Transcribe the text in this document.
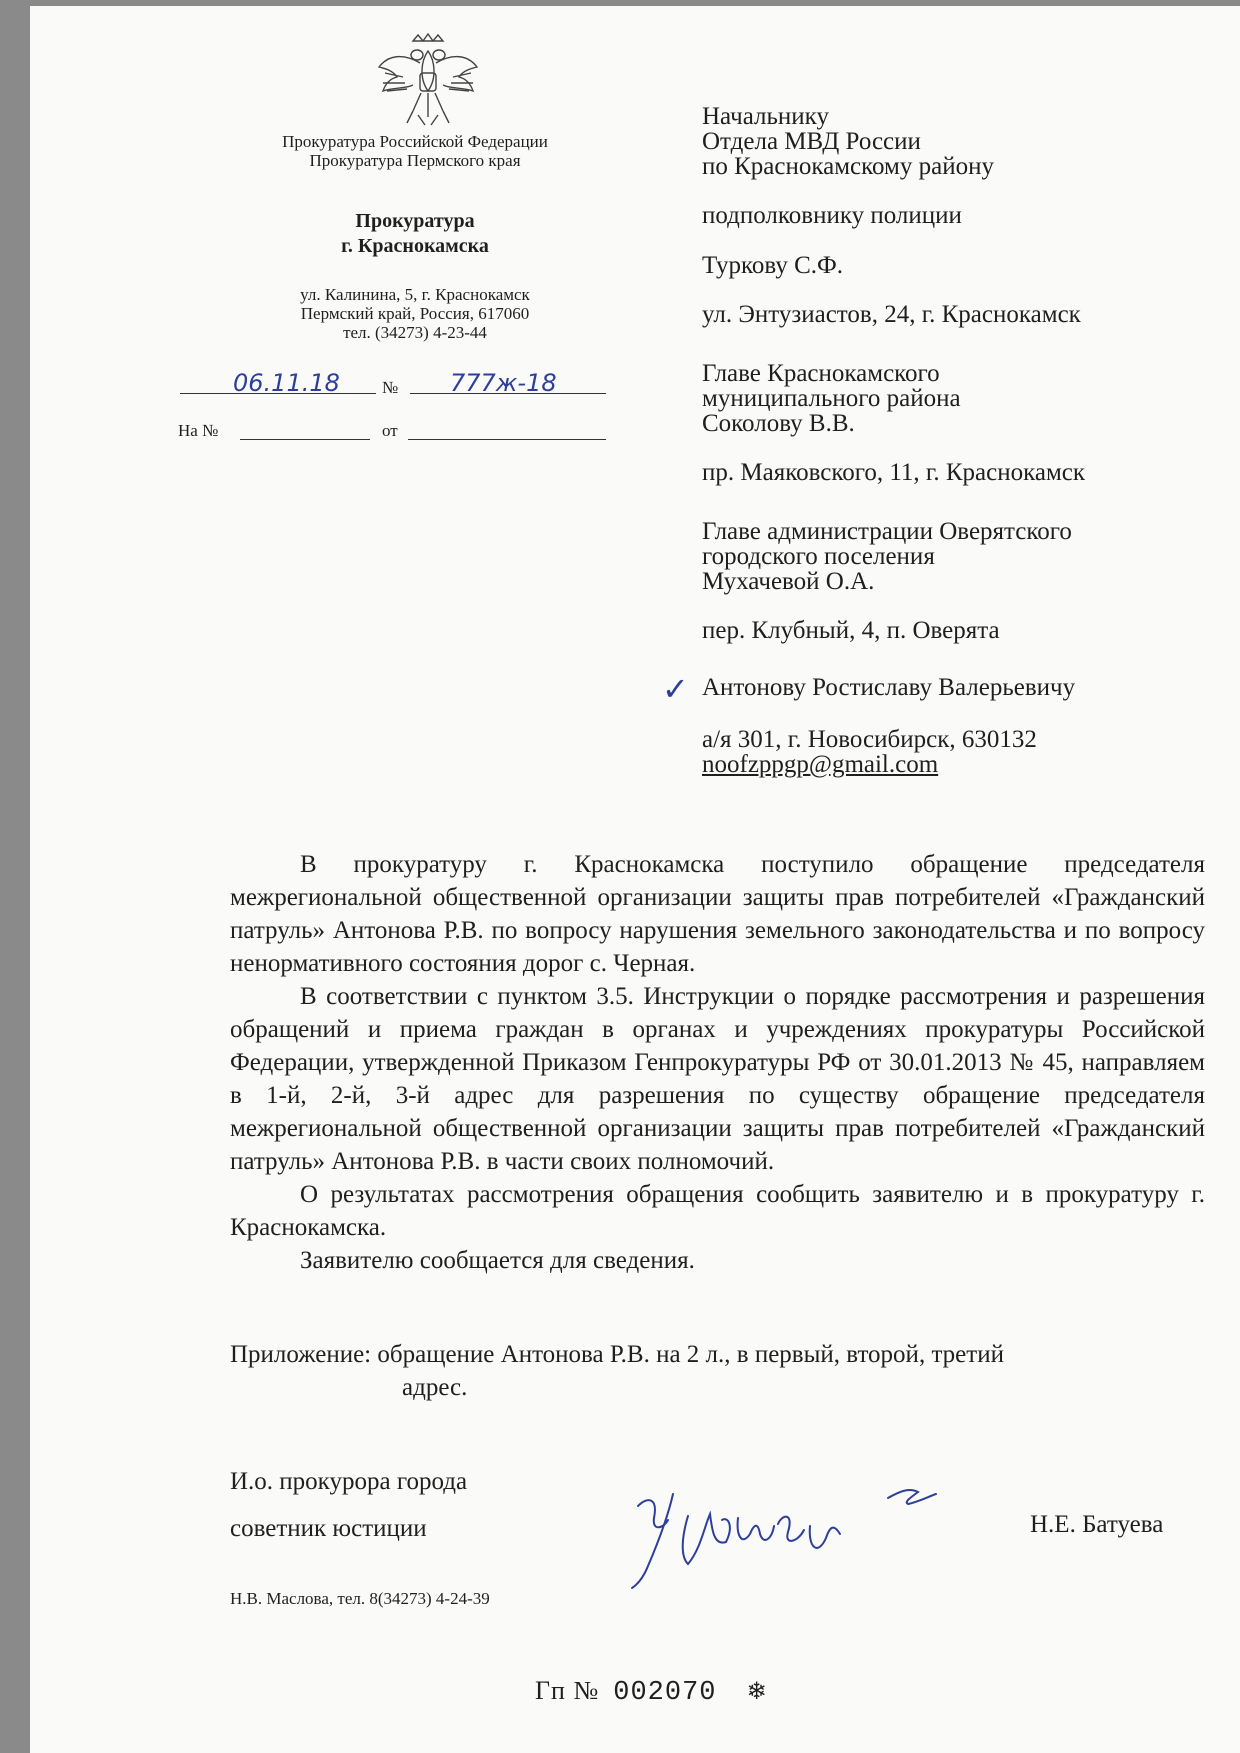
Прокуратура Российской Федерации
Прокуратура Пермского края
Прокуратура
г. Краснокамска
ул. Калинина, 5, г. Краснокамск
Пермский край, Россия, 617060
тел. (34273) 4-23-44
06.11.18 № 777ж-18
На №	от
Начальнику
Отдела МВД России
по Краснокамскому району
подполковнику полиции
Туркову С.Ф.
ул. Энтузиастов, 24, г. Краснокамск
Главе Краснокамского
муниципального района
Соколову В.В.
пр. Маяковского, 11, г. Краснокамск
Главе администрации Оверятского
городского поселения
Мухачевой О.А.
пер. Клубный, 4, п. Оверята
✓ Антонову Ростиславу Валерьевичу
а/я 301, г. Новосибирск, 630132
noofzppgp@gmail.com

В прокуратуру г. Краснокамска поступило обращение председателя межрегиональной общественной организации защиты прав потребителей «Гражданский патруль» Антонова Р.В. по вопросу нарушения земельного законодательства и по вопросу ненормативного состояния дорог с. Черная.

В соответствии с пунктом 3.5. Инструкции о порядке рассмотрения и разрешения обращений и приема граждан в органах и учреждениях прокуратуры Российской Федерации, утвержденной Приказом Генпрокуратуры РФ от 30.01.2013 № 45, направляем в 1-й, 2-й, 3-й адрес для разрешения по существу обращение председателя межрегиональной общественной организации защиты прав потребителей «Гражданский патруль» Антонова Р.В. в части своих полномочий.

О результатах рассмотрения обращения сообщить заявителю и в прокуратуру г. Краснокамска.

Заявителю сообщается для сведения.

Приложение: обращение Антонова Р.В. на 2 л., в первый, второй, третий
адрес.
И.о. прокурора города
советник юстиции	Н.Е. Батуева
Н.В. Маслова, тел. 8(34273) 4-24-39
Гп № 002070 ❄
